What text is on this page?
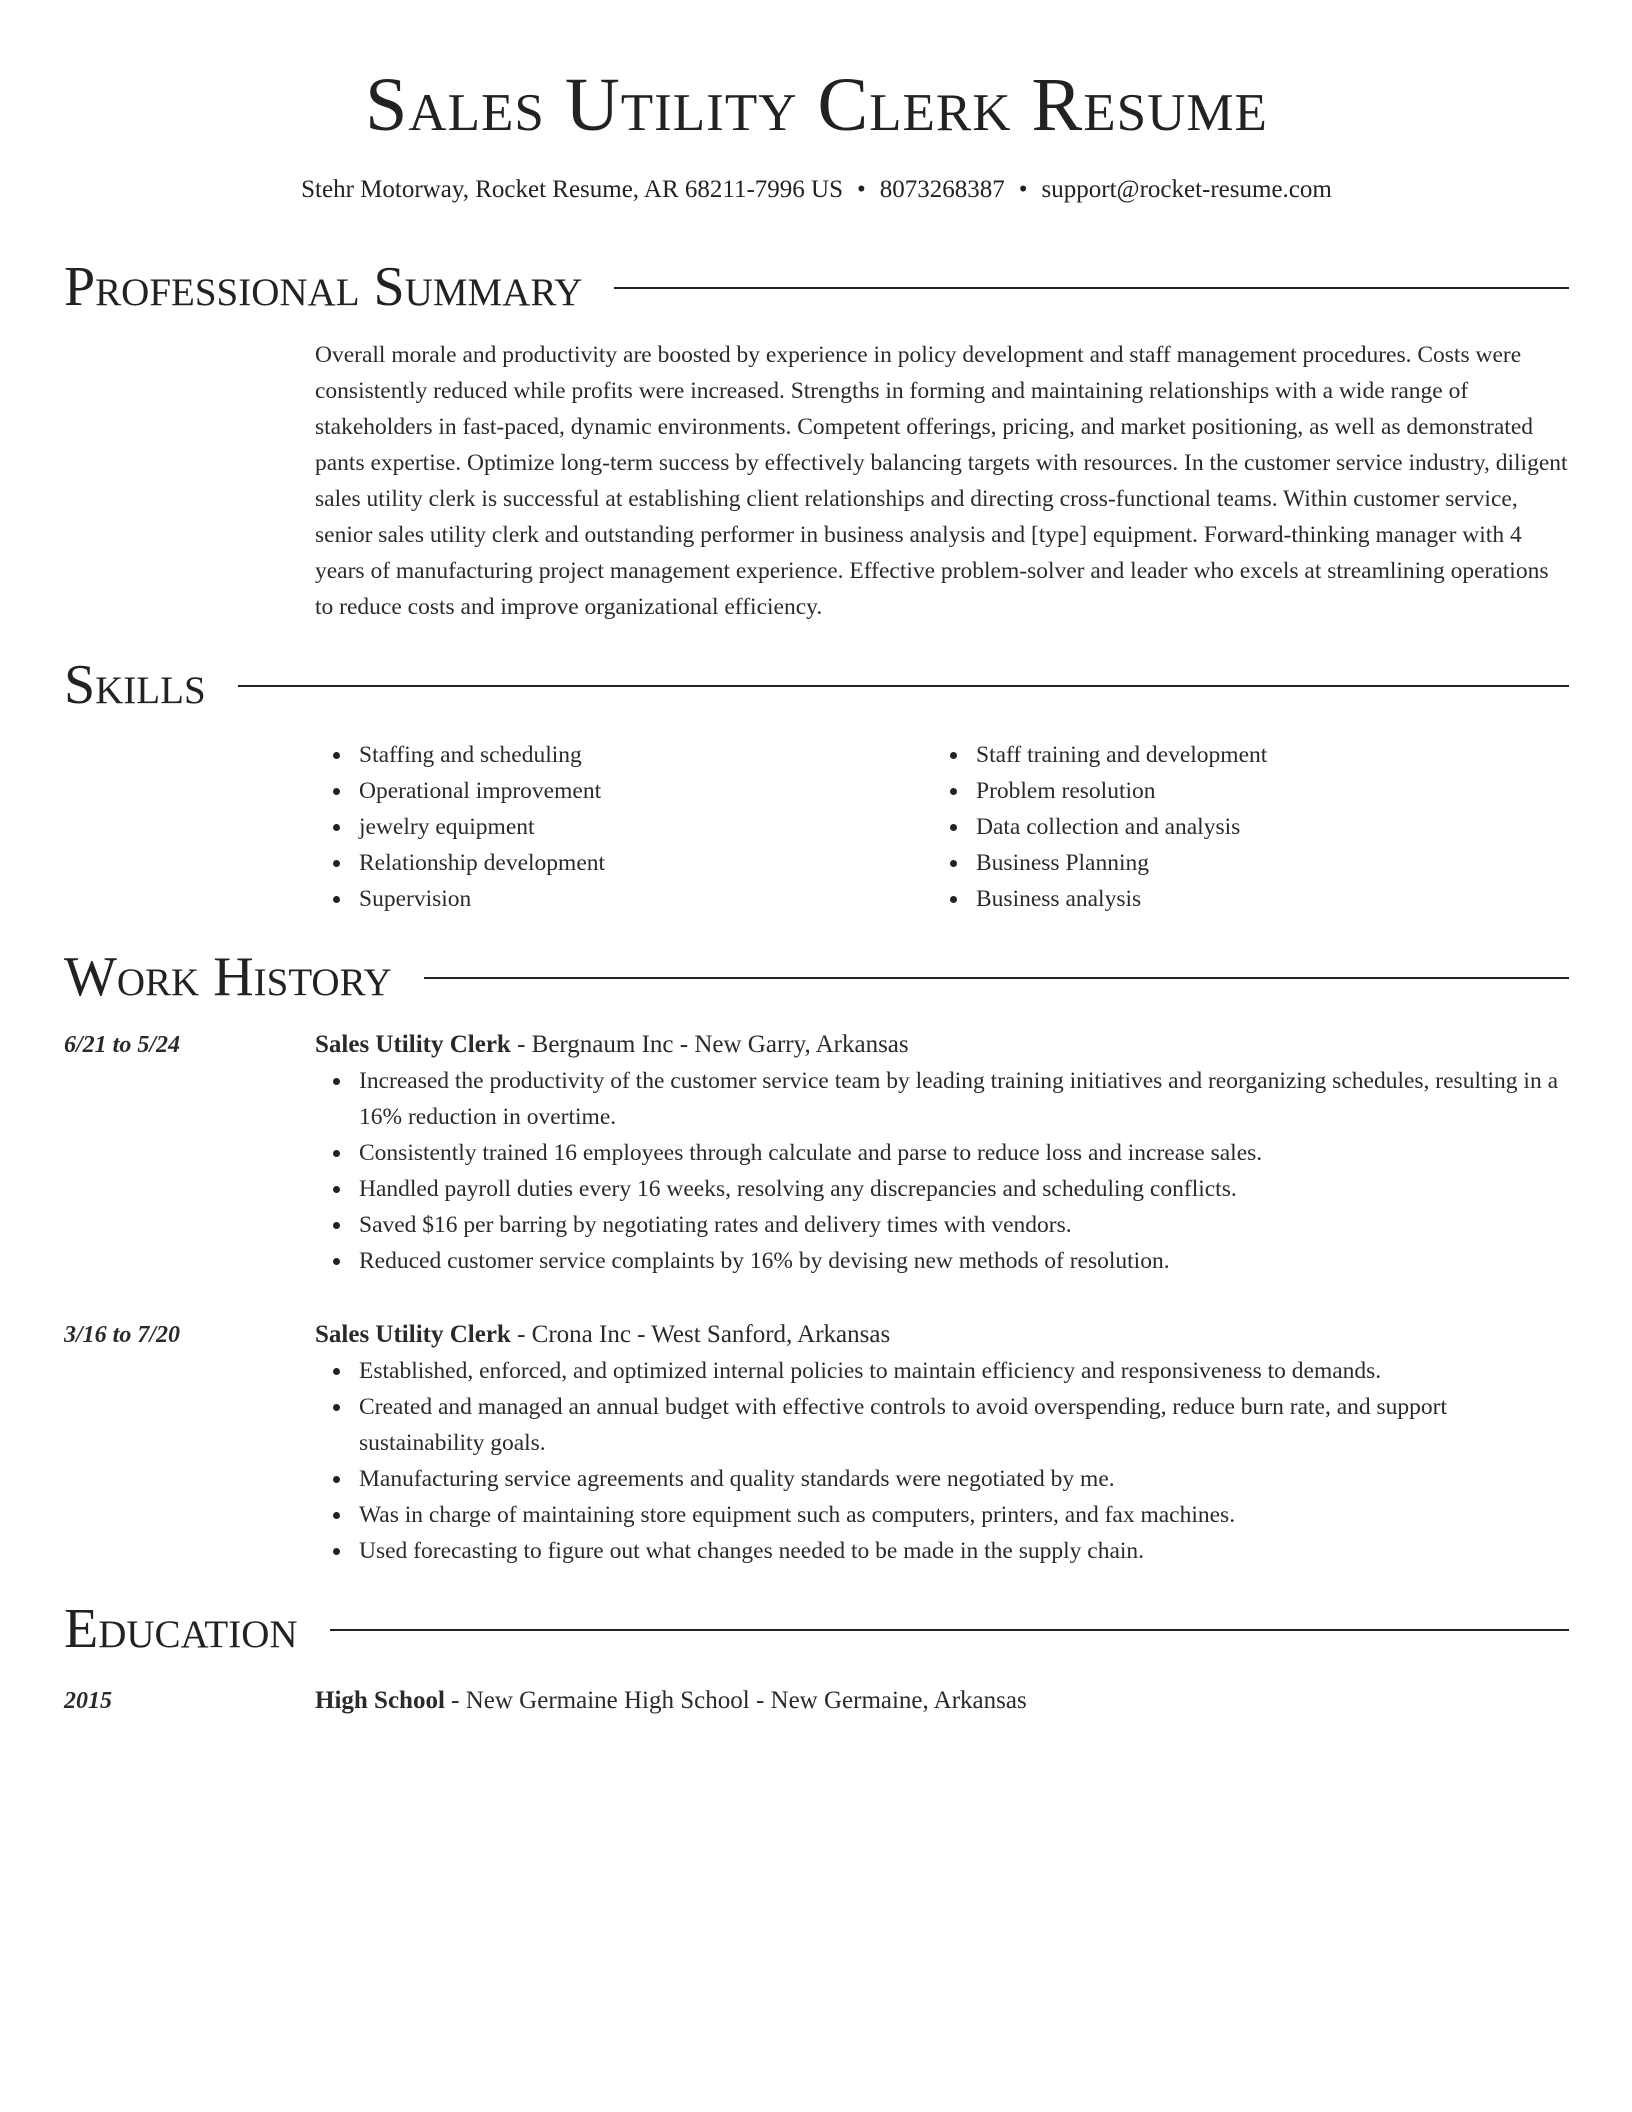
Sales Utility Clerk Resume
Stehr Motorway, Rocket Resume, AR 68211-7996 US • 8073268387 • support@rocket-resume.com
Professional Summary
Overall morale and productivity are boosted by experience in policy development and staff management procedures. Costs were consistently reduced while profits were increased. Strengths in forming and maintaining relationships with a wide range of stakeholders in fast-paced, dynamic environments. Competent offerings, pricing, and market positioning, as well as demonstrated pants expertise. Optimize long-term success by effectively balancing targets with resources. In the customer service industry, diligent sales utility clerk is successful at establishing client relationships and directing cross-functional teams. Within customer service, senior sales utility clerk and outstanding performer in business analysis and [type] equipment. Forward-thinking manager with 4 years of manufacturing project management experience. Effective problem-solver and leader who excels at streamlining operations to reduce costs and improve organizational efficiency.
Skills
Staffing and scheduling
Operational improvement
jewelry equipment
Relationship development
Supervision
Staff training and development
Problem resolution
Data collection and analysis
Business Planning
Business analysis
Work History
6/21 to 5/24	Sales Utility Clerk - Bergnaum Inc - New Garry, Arkansas
Increased the productivity of the customer service team by leading training initiatives and reorganizing schedules, resulting in a 16% reduction in overtime.
Consistently trained 16 employees through calculate and parse to reduce loss and increase sales.
Handled payroll duties every 16 weeks, resolving any discrepancies and scheduling conflicts.
Saved $16 per barring by negotiating rates and delivery times with vendors.
Reduced customer service complaints by 16% by devising new methods of resolution.
3/16 to 7/20	Sales Utility Clerk - Crona Inc - West Sanford, Arkansas
Established, enforced, and optimized internal policies to maintain efficiency and responsiveness to demands.
Created and managed an annual budget with effective controls to avoid overspending, reduce burn rate, and support sustainability goals.
Manufacturing service agreements and quality standards were negotiated by me.
Was in charge of maintaining store equipment such as computers, printers, and fax machines.
Used forecasting to figure out what changes needed to be made in the supply chain.
Education
2015	High School - New Germaine High School - New Germaine, Arkansas
